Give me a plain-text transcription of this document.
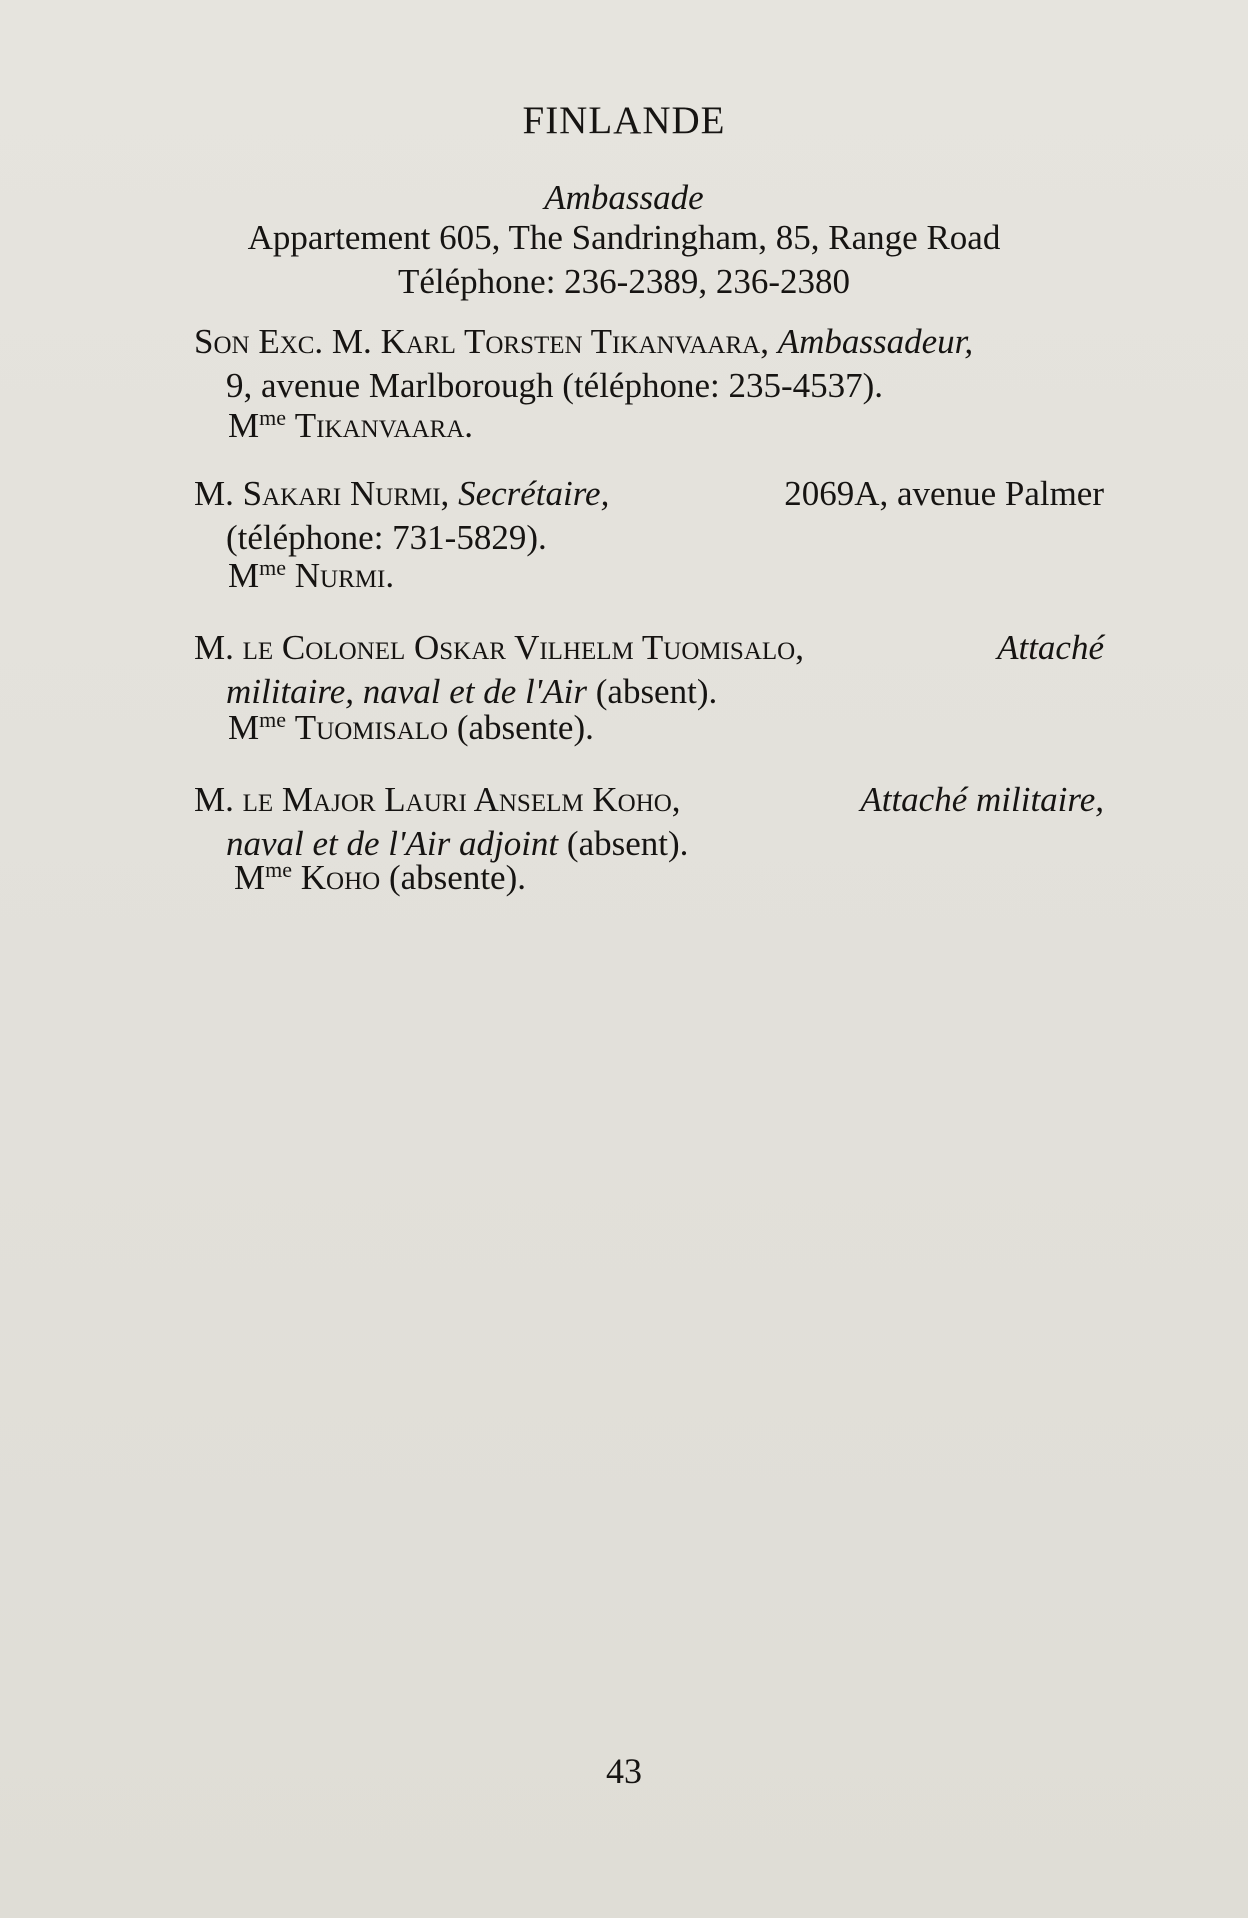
FINLANDE
Ambassade
Appartement 605, The Sandringham, 85, Range Road
Téléphone: 236-2389, 236-2380
Son Exc. M. Karl Torsten Tikanvaara, Ambassadeur,
9, avenue Marlborough (téléphone: 235-4537).
$M^{me}$ Tikanvaara.
M. Sakari Nurmi, Secrétaire,	2069A, avenue Palmer
(téléphone: 731-5829).
$M^{me}$ Nurmi.
M. le Colonel Oskar Vilhelm Tuomisalo,	Attaché
militaire, naval et de l'Air (absent).
$M^{me}$ Tuomisalo (absente).
M. le Major Lauri Anselm Koho,	Attaché militaire,
naval et de l'Air adjoint (absent).
$M^{me}$ Koho (absente).
43
